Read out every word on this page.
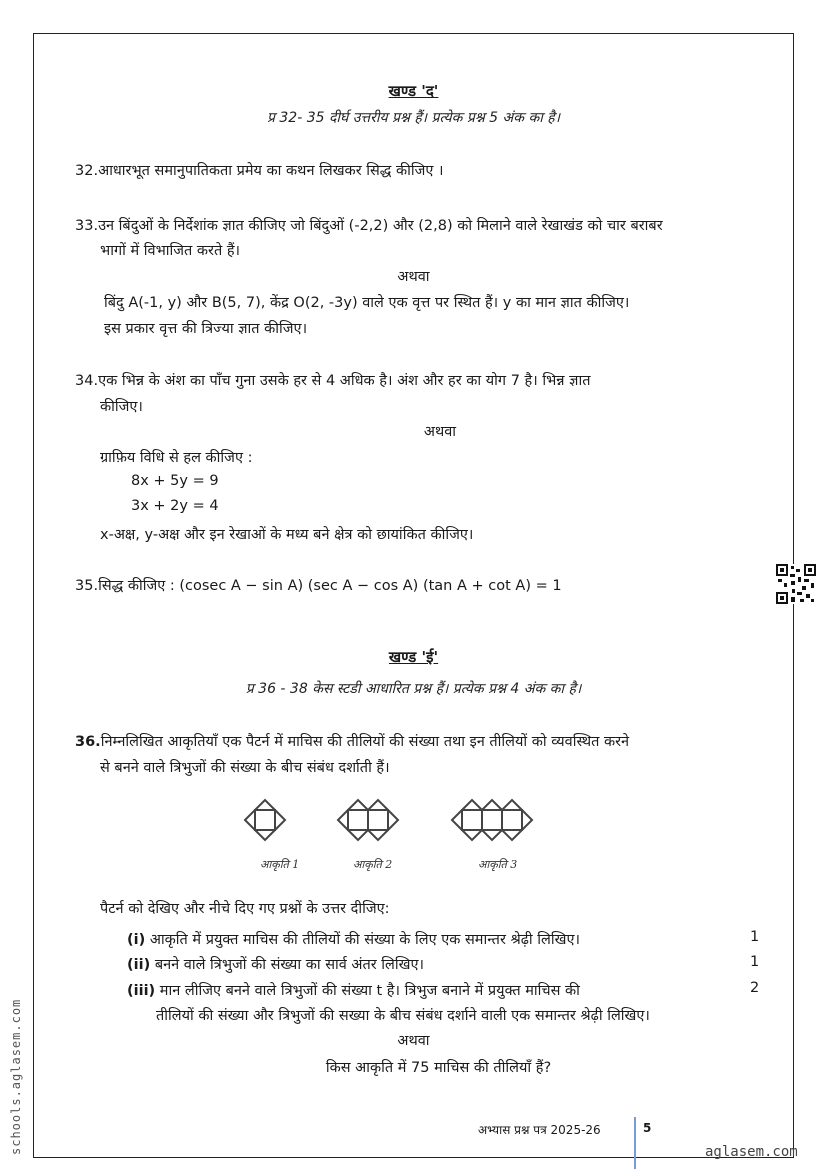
खण्ड 'द'
प्र 32- 35 दीर्घ उत्तरीय प्रश्न हैं। प्रत्येक प्रश्न 5 अंक का है।
32.आधारभूत समानुपातिकता प्रमेय का कथन लिखकर सिद्ध कीजिए ।
33.उन बिंदुओं के निर्देशांक ज्ञात कीजिए जो बिंदुओं (-2,2) और (2,8) को मिलाने वाले रेखाखंड को चार बराबर
भागों में विभाजित करते हैं।
अथवा
बिंदु A(-1, y) और B(5, 7), केंद्र O(2, -3y) वाले एक वृत्त पर स्थित हैं। y का मान ज्ञात कीजिए।
इस प्रकार वृत्त की त्रिज्या ज्ञात कीजिए।
34.एक भिन्न के अंश का पाँच गुना उसके हर से 4 अधिक है। अंश और हर का योग 7 है। भिन्न ज्ञात
कीजिए।
अथवा
ग्राफ़िय विधि से हल कीजिए :
8x + 5y = 9
3x + 2y = 4
x-अक्ष, y-अक्ष और इन रेखाओं के मध्य बने क्षेत्र को छायांकित कीजिए।
35.सिद्ध कीजिए : (cosec A − sin A) (sec A − cos A) (tan A + cot A) = 1
खण्ड 'ई'
प्र 36 - 38 केस स्टडी आधारित प्रश्न हैं। प्रत्येक प्रश्न 4 अंक का है।
36.निम्नलिखित आकृतियाँ एक पैटर्न में माचिस की तीलियों की संख्या तथा इन तीलियों को व्यवस्थित करने
से बनने वाले त्रिभुजों की संख्या के बीच संबंध दर्शाती हैं।
आकृति 1	आकृति 2	आकृति 3
पैटर्न को देखिए और नीचे दिए गए प्रश्नों के उत्तर दीजिए:
(i) आकृति में प्रयुक्त माचिस की तीलियों की संख्या के लिए एक समान्तर श्रेढ़ी लिखिए।	1
(ii) बनने वाले त्रिभुजों की संख्या का सार्व अंतर लिखिए।	1
(iii) मान लीजिए बनने वाले त्रिभुजों की संख्या t है। त्रिभुज बनाने में प्रयुक्त माचिस की	2
तीलियों की संख्या और त्रिभुजों की सख्या के बीच संबंध दर्शाने वाली एक समान्तर श्रेढ़ी लिखिए।
अथवा
किस आकृति में 75 माचिस की तीलियाँ हैं?
अभ्यास प्रश्न पत्र 2025-26	5
aglasem.com
schools.aglasem.com
